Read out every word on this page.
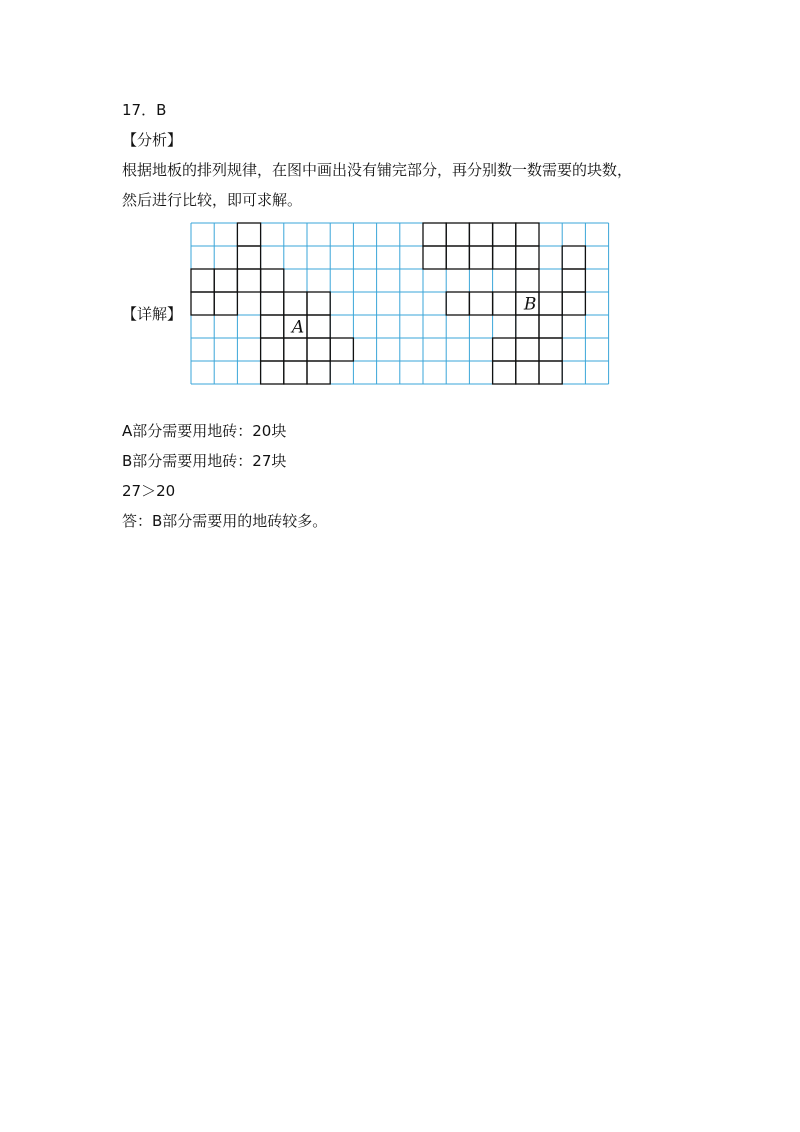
17．B
【分析】
根据地板的排列规律，在图中画出没有铺完部分，再分别数一数需要的块数，
然后进行比较，即可求解。
【详解】
A
B
A部分需要用地砖：20块
B部分需要用地砖：27块
27＞20
答：B部分需要用的地砖较多。
